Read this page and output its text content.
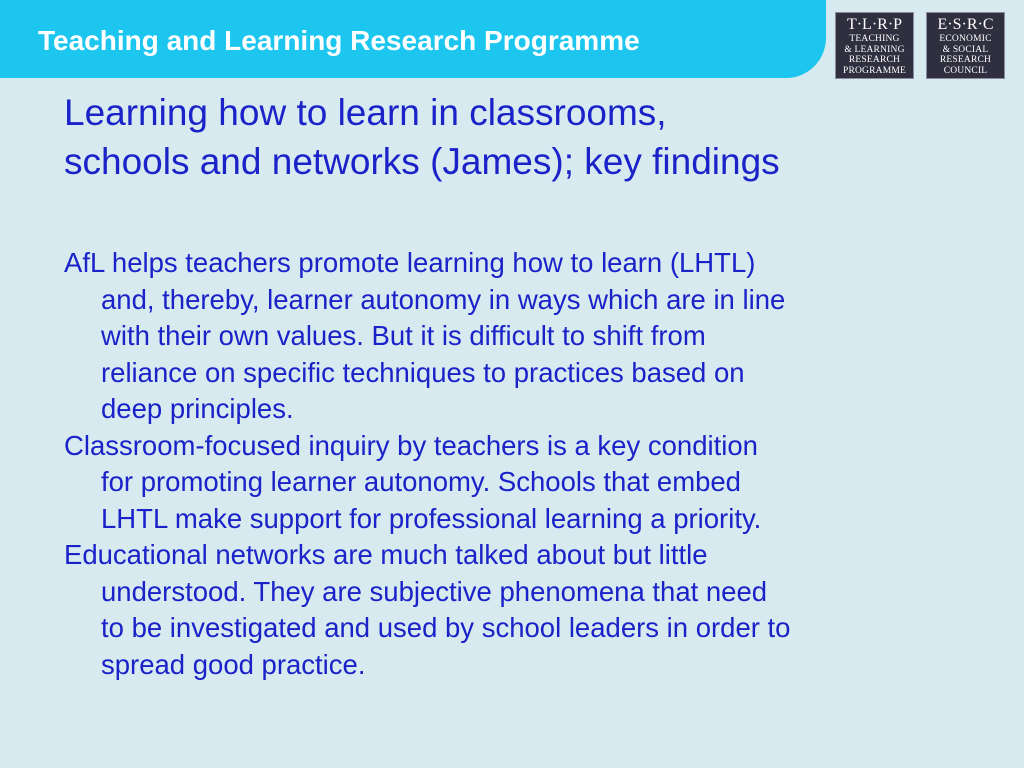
Teaching and Learning Research Programme
T·L·R·P
TEACHING
& LEARNING
RESEARCH
PROGRAMME
E·S·R·C
ECONOMIC
& SOCIAL
RESEARCH
COUNCIL
Learning how to learn in classrooms,
schools and networks (James); key findings
AfL helps teachers promote learning how to learn (LHTL)
and, thereby, learner autonomy in ways which are in line
with their own values. But it is difficult to shift from
reliance on specific techniques to practices based on
deep principles.
Classroom-focused inquiry by teachers is a key condition
for promoting learner autonomy. Schools that embed
LHTL make support for professional learning a priority.
Educational networks are much talked about but little
understood. They are subjective phenomena that need
to be investigated and used by school leaders in order to
spread good practice.
